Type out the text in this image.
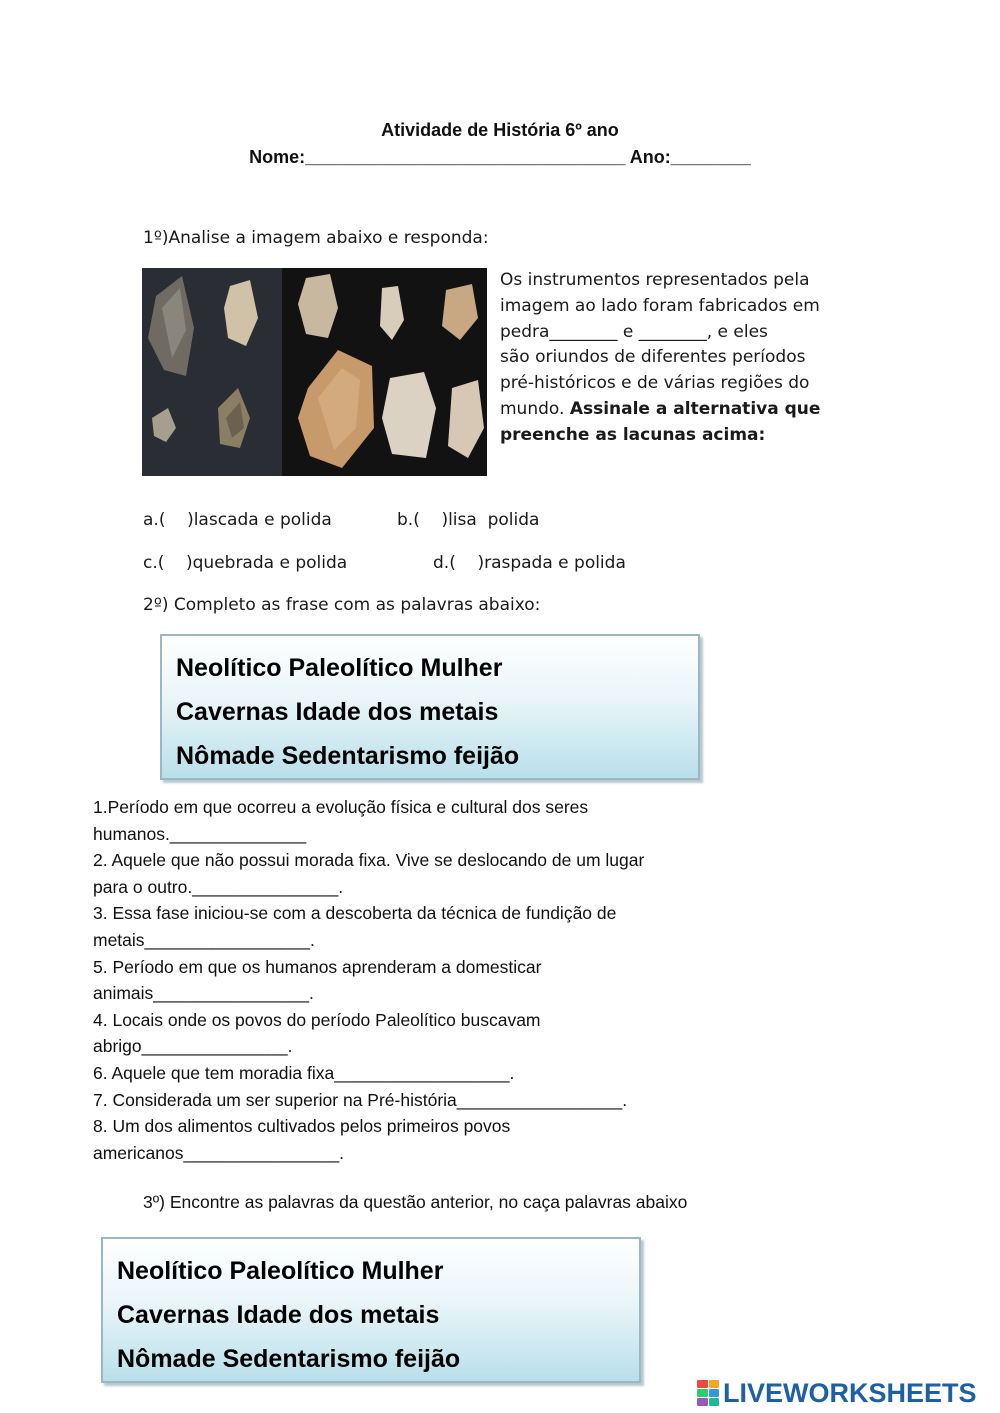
Atividade de História 6º ano
Nome:________________________________ Ano:________
1º)Analise a imagem abaixo e responda:
Os instrumentos representados pela
imagem ao lado foram fabricados em
pedra________ e ________, e eles
são oriundos de diferentes períodos
pré-históricos e de várias regiões do
mundo. Assinale a alternativa que
preenche as lacunas acima:
a.(    )lascada e polida	b.(    )lisa  polida
c.(    )quebrada e polida	d.(    )raspada e polida
2º) Completo as frase com as palavras abaixo:
Neolítico Paleolítico Mulher
Cavernas Idade dos metais
Nômade Sedentarismo feijão
1.Período em que ocorreu a evolução física e cultural dos seres
humanos.______________
2. Aquele que não possui morada fixa. Vive se deslocando de um lugar
para o outro._______________.
3. Essa fase iniciou-se com a descoberta da técnica de fundição de
metais_________________.
5. Período em que os humanos aprenderam a domesticar
animais________________.
4. Locais onde os povos do período Paleolítico buscavam
abrigo_______________.
6. Aquele que tem moradia fixa__________________.
7. Considerada um ser superior na Pré-história_________________.
8. Um dos alimentos cultivados pelos primeiros povos
americanos________________.
3º) Encontre as palavras da questão anterior, no caça palavras abaixo
Neolítico Paleolítico Mulher
Cavernas Idade dos metais
Nômade Sedentarismo feijão
LIVEWORKSHEETS
